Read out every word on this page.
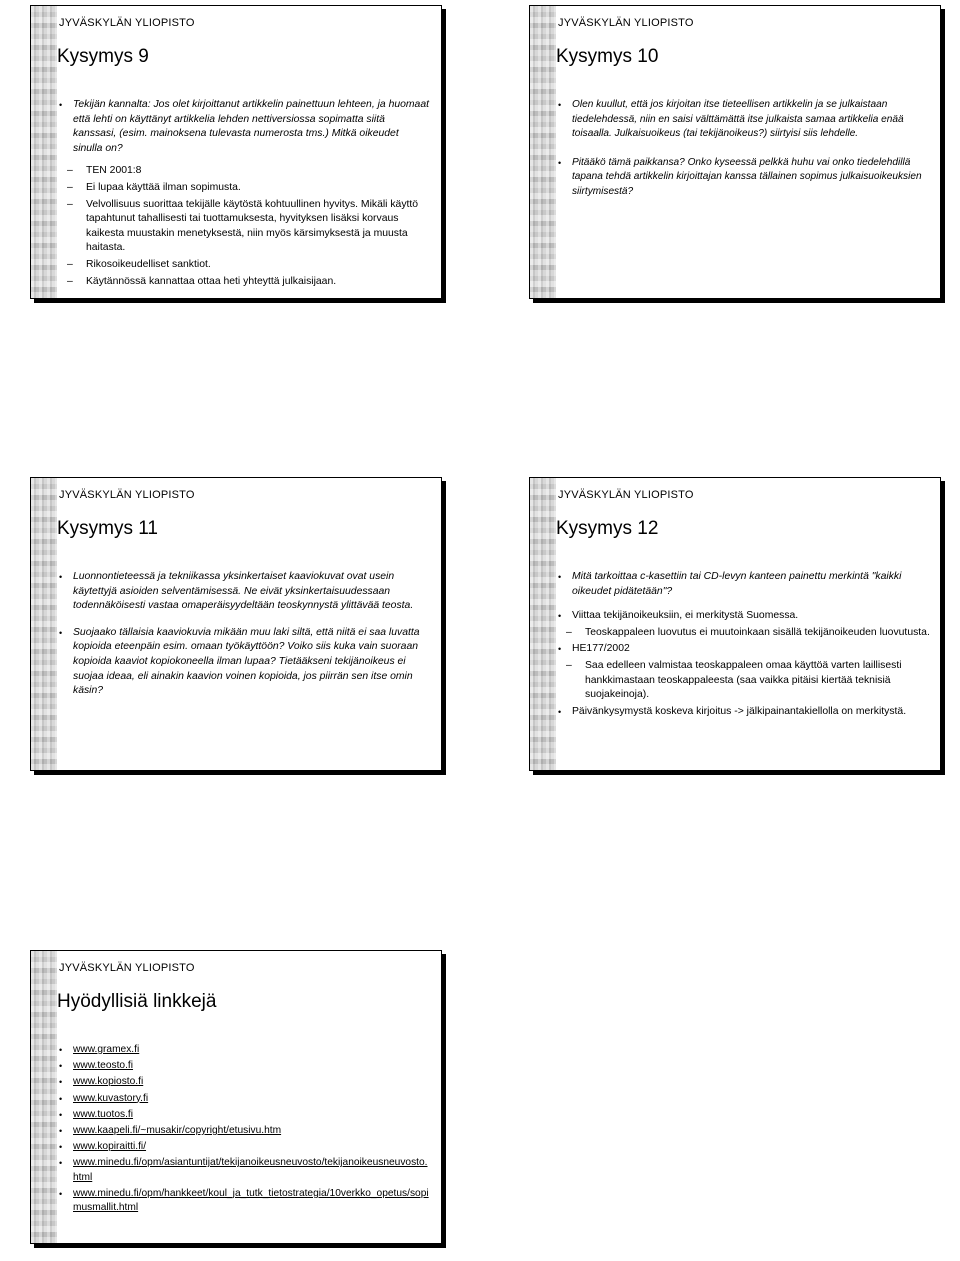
JYVÄSKYLÄN YLIOPISTO
Kysymys 9
• Tekijän kannalta: Jos olet kirjoittanut artikkelin painettuun lehteen, ja huomaat että lehti on käyttänyt artikkelia lehden nettiversiossa sopimatta siitä kanssasi, (esim. mainoksena tulevasta numerosta tms.) Mitkä oikeudet sinulla on?
– TEN 2001:8
– Ei lupaa käyttää ilman sopimusta.
– Velvollisuus suorittaa tekijälle käytöstä kohtuullinen hyvitys. Mikäli käyttö tapahtunut tahallisesti tai tuottamuksesta, hyvityksen lisäksi korvaus kaikesta muustakin menetyksestä, niin myös kärsimyksestä ja muusta haitasta.
– Rikosoikeudelliset sanktiot.
– Käytännössä kannattaa ottaa heti yhteyttä julkaisijaan.
JYVÄSKYLÄN YLIOPISTO
Kysymys 10
• Olen kuullut, että jos kirjoitan itse tieteellisen artikkelin ja se julkaistaan tiedelehdessä, niin en saisi välttämättä itse julkaista samaa artikkelia enää toisaalla. Julkaisuoikeus (tai tekijänoikeus?) siirtyisi siis lehdelle.
• Pitääkö tämä paikkansa? Onko kyseessä pelkkä huhu vai onko tiedelehdillä tapana tehdä artikkelin kirjoittajan kanssa tällainen sopimus julkaisuoikeuksien siirtymisestä?
JYVÄSKYLÄN YLIOPISTO
Kysymys 11
• Luonnontieteessä ja tekniikassa yksinkertaiset kaaviokuvat ovat usein käytettyjä asioiden selventämisessä. Ne eivät yksinkertaisuudessaan todennäköisesti vastaa omaperäisyydeltään teoskynnystä ylittävää teosta.
• Suojaako tällaisia kaaviokuvia mikään muu laki siltä, että niitä ei saa luvatta kopioida eteenpäin esim. omaan työkäyttöön? Voiko siis kuka vain suoraan kopioida kaaviot kopiokoneella ilman lupaa? Tietääkseni tekijänoikeus ei suojaa ideaa, eli ainakin kaavion voinen kopioida, jos piirrän sen itse omin käsin?
JYVÄSKYLÄN YLIOPISTO
Kysymys 12
• Mitä tarkoittaa c-kasettiin tai CD-levyn kanteen painettu merkintä "kaikki oikeudet pidätetään"?
• Viittaa tekijänoikeuksiin, ei merkitystä Suomessa.
– Teoskappaleen luovutus ei muutoinkaan sisällä tekijänoikeuden luovutusta.
• HE177/2002
– Saa edelleen valmistaa teoskappaleen omaa käyttöä varten laillisesti hankkimastaan teoskappaleesta (saa vaikka pitäisi kiertää teknisiä suojakeinoja).
• Päivänkysymystä koskeva kirjoitus -> jälkipainantakiellolla on merkitystä.
JYVÄSKYLÄN YLIOPISTO
Hyödyllisiä linkkejä
• www.gramex.fi
• www.teosto.fi
• www.kopiosto.fi
• www.kuvastory.fi
• www.tuotos.fi
• www.kaapeli.fi/~musakir/copyright/etusivu.htm
• www.kopiraitti.fi/
• www.minedu.fi/opm/asiantuntijat/tekijanoikeusneuvosto/tekijanoikeusneuvosto.html
• www.minedu.fi/opm/hankkeet/koul_ja_tutk_tietostrategia/10verkko_opetus/sopimusmallit.html
